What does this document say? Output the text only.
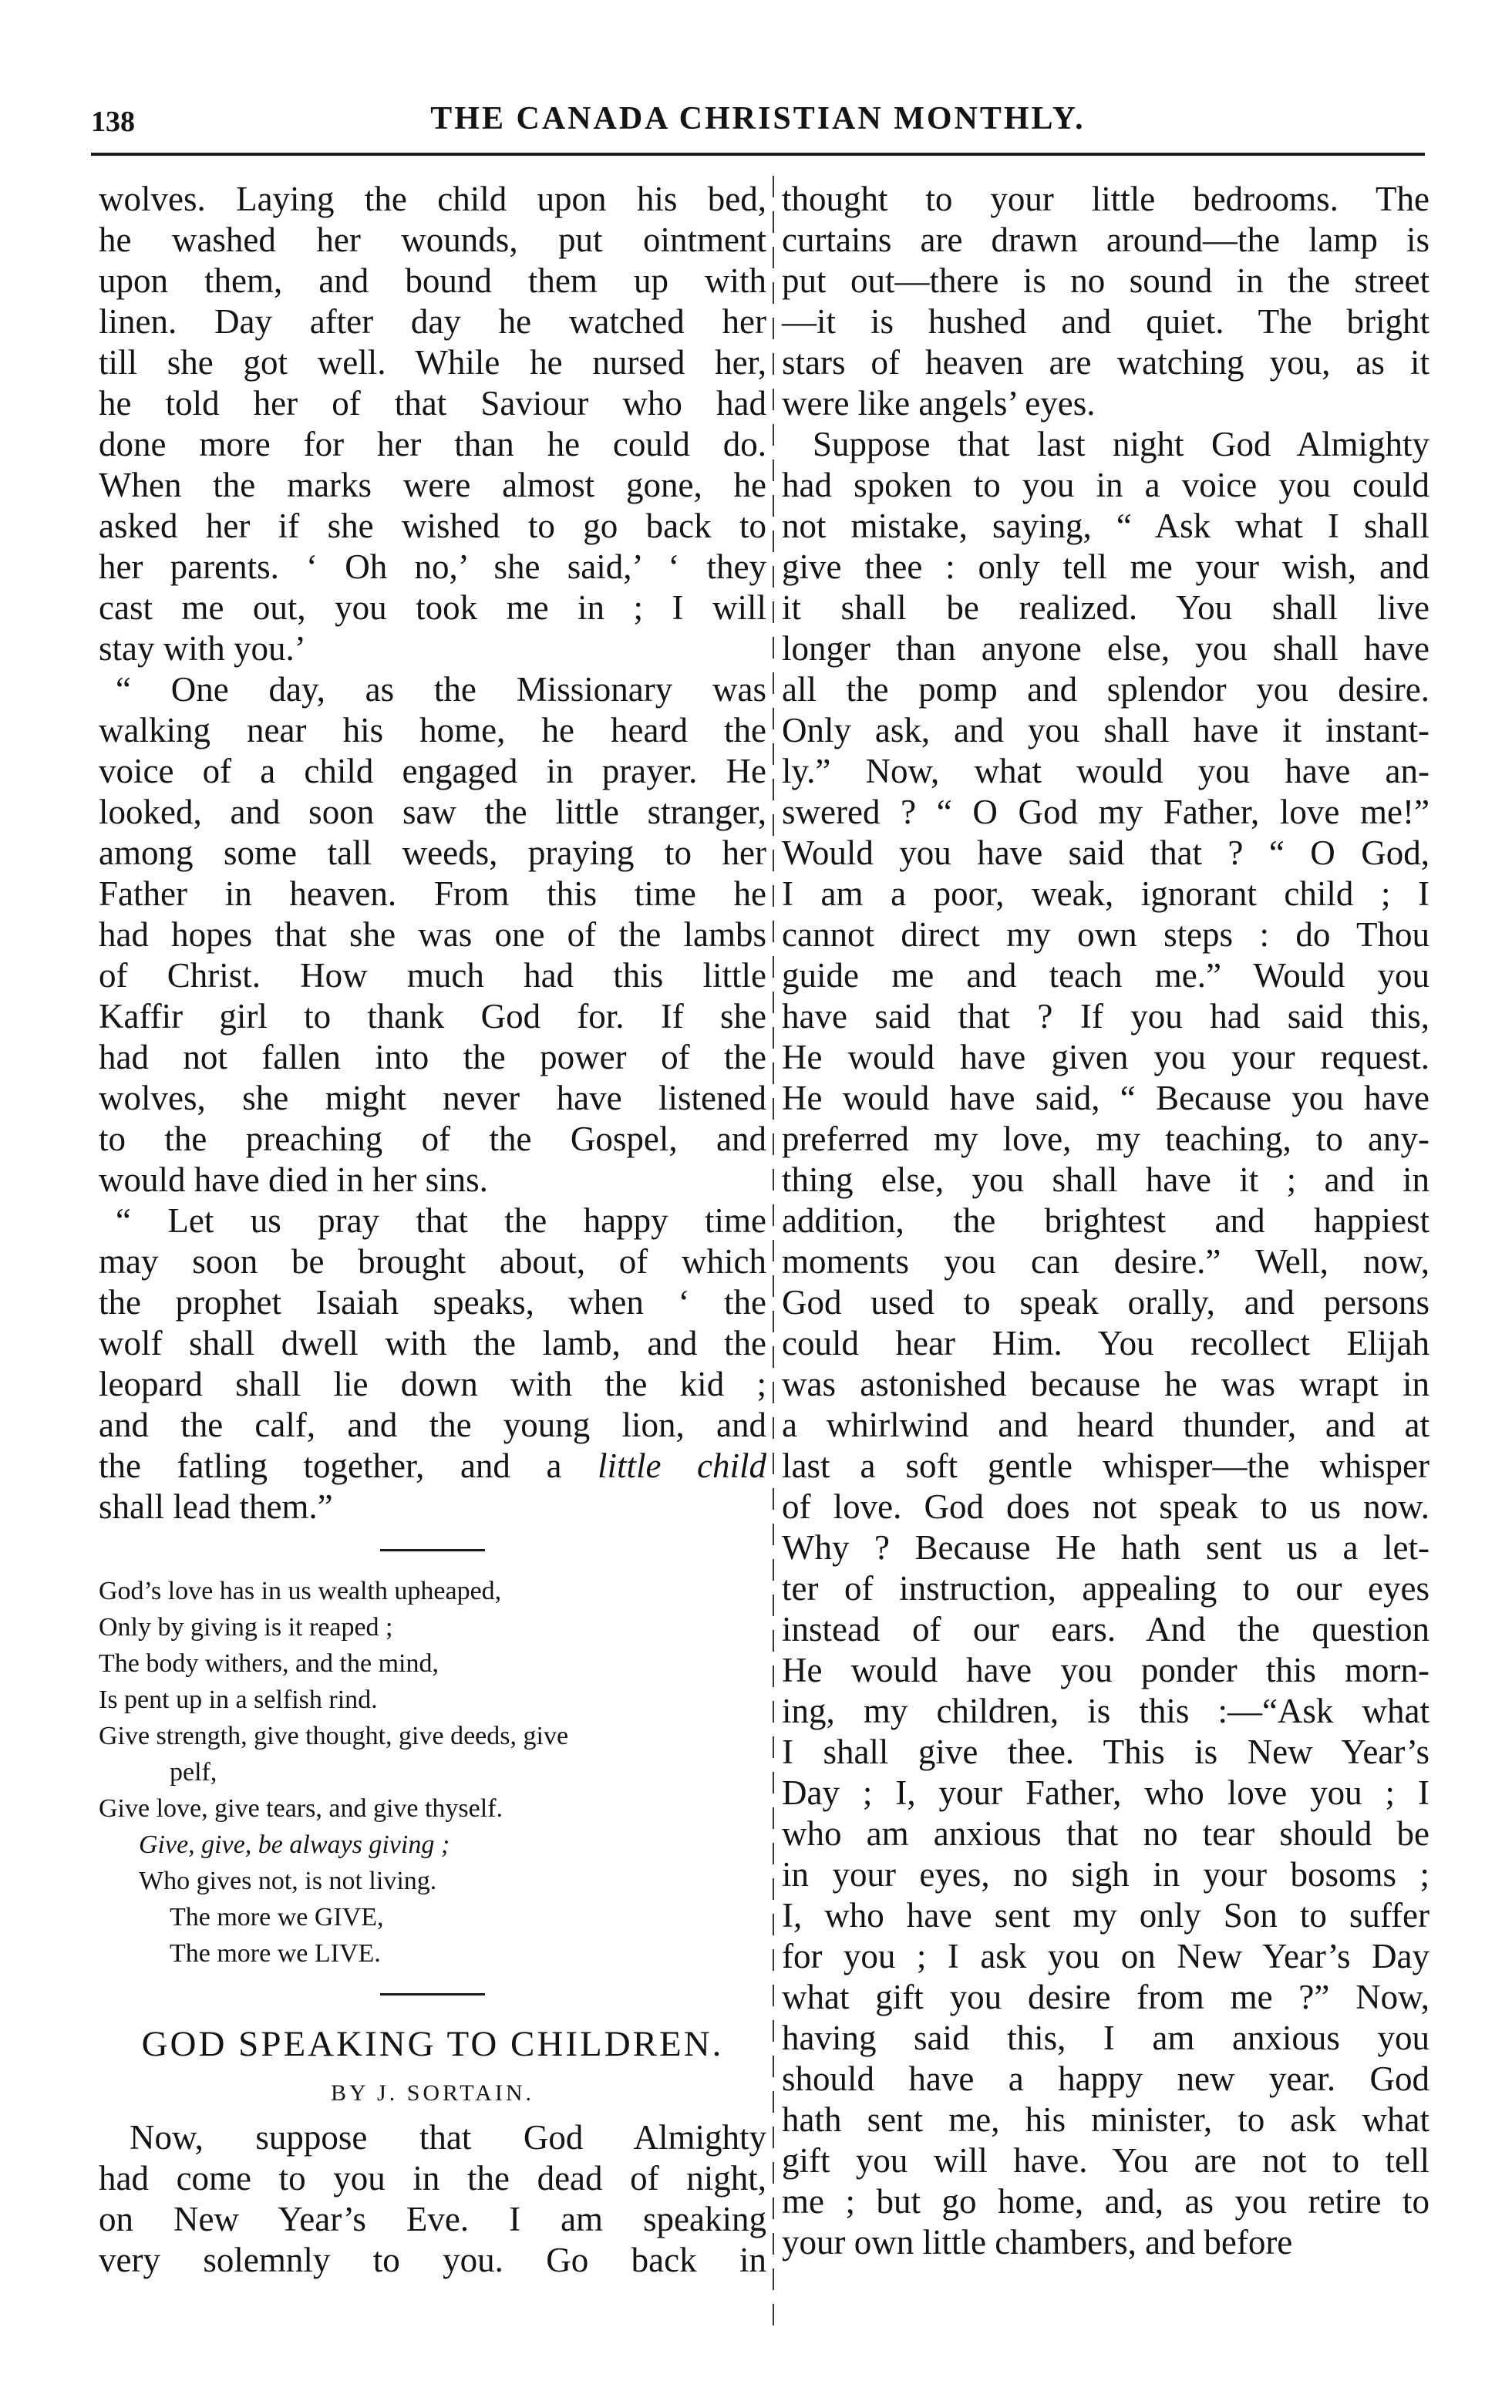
138	THE CANADA CHRISTIAN MONTHLY.
wolves. Laying the child upon his bed,
he washed her wounds, put ointment
upon them, and bound them up with
linen. Day after day he watched her
till she got well. While he nursed her,
he told her of that Saviour who had
done more for her than he could do.
When the marks were almost gone, he
asked her if she wished to go back to
her parents. ‘ Oh no,’ she said,’ ‘ they
cast me out, you took me in ; I will
stay with you.’
“ One day, as the Missionary was
walking near his home, he heard the
voice of a child engaged in prayer. He
looked, and soon saw the little stranger,
among some tall weeds, praying to her
Father in heaven. From this time he
had hopes that she was one of the lambs
of Christ. How much had this little
Kaffir girl to thank God for. If she
had not fallen into the power of the
wolves, she might never have listened
to the preaching of the Gospel, and
would have died in her sins.
“ Let us pray that the happy time
may soon be brought about, of which
the prophet Isaiah speaks, when ‘ the
wolf shall dwell with the lamb, and the
leopard shall lie down with the kid ;
and the calf, and the young lion, and
the fatling together, and a little child
shall lead them.”
God’s love has in us wealth upheaped,
Only by giving is it reaped ;
The body withers, and the mind,
Is pent up in a selfish rind.
Give strength, give thought, give deeds, give
pelf,
Give love, give tears, and give thyself.
Give, give, be always giving ;
Who gives not, is not living.
The more we GIVE,
The more we LIVE.
GOD SPEAKING TO CHILDREN.
BY J. SORTAIN.
Now, suppose that God Almighty
had come to you in the dead of night,
on New Year’s Eve. I am speaking
very solemnly to you. Go back in
thought to your little bedrooms. The
curtains are drawn around—the lamp is
put out—there is no sound in the street
—it is hushed and quiet. The bright
stars of heaven are watching you, as it
were like angels’ eyes.
Suppose that last night God Almighty
had spoken to you in a voice you could
not mistake, saying, “ Ask what I shall
give thee : only tell me your wish, and
it shall be realized. You shall live
longer than anyone else, you shall have
all the pomp and splendor you desire.
Only ask, and you shall have it instant-
ly.” Now, what would you have an-
swered ? “ O God my Father, love me!”
Would you have said that ? “ O God,
I am a poor, weak, ignorant child ; I
cannot direct my own steps : do Thou
guide me and teach me.” Would you
have said that ? If you had said this,
He would have given you your request.
He would have said, “ Because you have
preferred my love, my teaching, to any-
thing else, you shall have it ; and in
addition, the brightest and happiest
moments you can desire.” Well, now,
God used to speak orally, and persons
could hear Him. You recollect Elijah
was astonished because he was wrapt in
a whirlwind and heard thunder, and at
last a soft gentle whisper—the whisper
of love. God does not speak to us now.
Why ? Because He hath sent us a let-
ter of instruction, appealing to our eyes
instead of our ears. And the question
He would have you ponder this morn-
ing, my children, is this :—“Ask what
I shall give thee. This is New Year’s
Day ; I, your Father, who love you ; I
who am anxious that no tear should be
in your eyes, no sigh in your bosoms ;
I, who have sent my only Son to suffer
for you ; I ask you on New Year’s Day
what gift you desire from me ?” Now,
having said this, I am anxious you
should have a happy new year. God
hath sent me, his minister, to ask what
gift you will have. You are not to tell
me ; but go home, and, as you retire to
your own little chambers, and before
